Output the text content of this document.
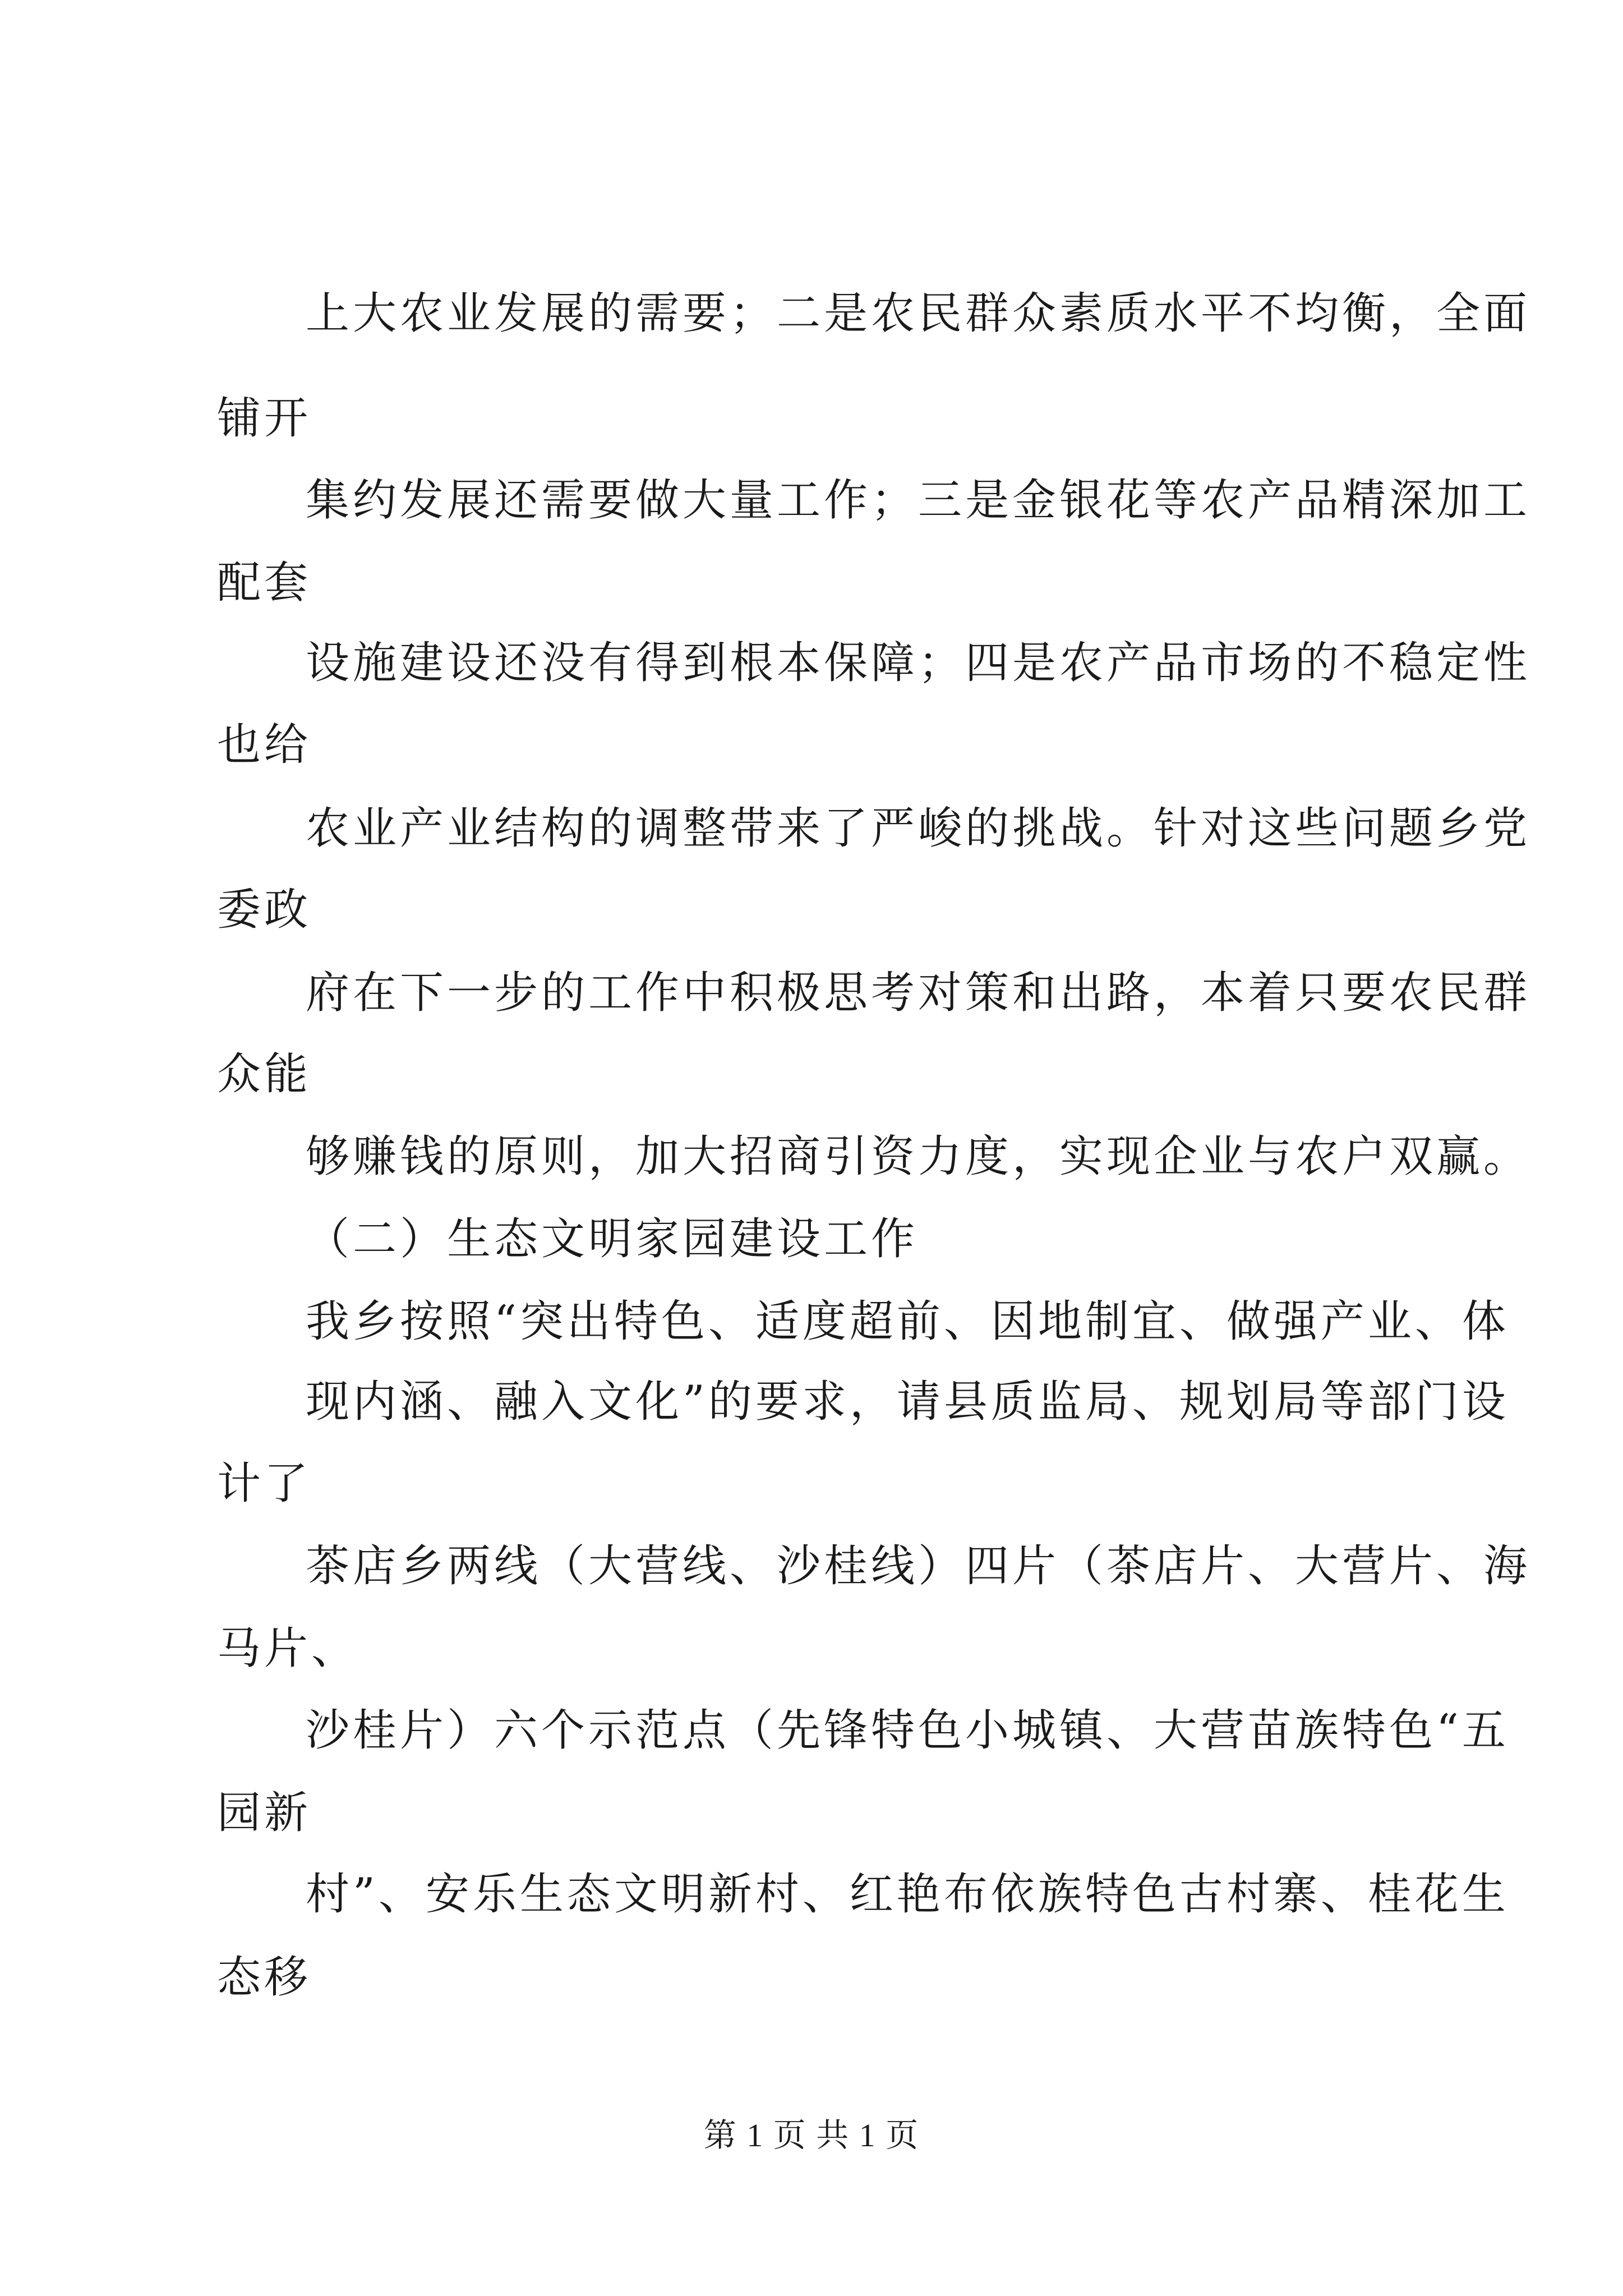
上大农业发展的需要；二是农民群众素质水平不均衡，全面
铺开
集约发展还需要做大量工作；三是金银花等农产品精深加工
配套
设施建设还没有得到根本保障；四是农产品市场的不稳定性
也给
农业产业结构的调整带来了严峻的挑战。针对这些问题乡党
委政
府在下一步的工作中积极思考对策和出路，本着只要农民群
众能
够赚钱的原则，加大招商引资力度，实现企业与农户双赢。
（二）生态文明家园建设工作
我乡按照“突出特色、适度超前、因地制宜、做强产业、体
现内涵、融入文化”的要求，请县质监局、规划局等部门设
计了
茶店乡两线（大营线、沙桂线）四片（茶店片、大营片、海
马片、
沙桂片）六个示范点（先锋特色小城镇、大营苗族特色“五
园新
村”、安乐生态文明新村、红艳布依族特色古村寨、桂花生
态移
第 1 页 共 1 页
